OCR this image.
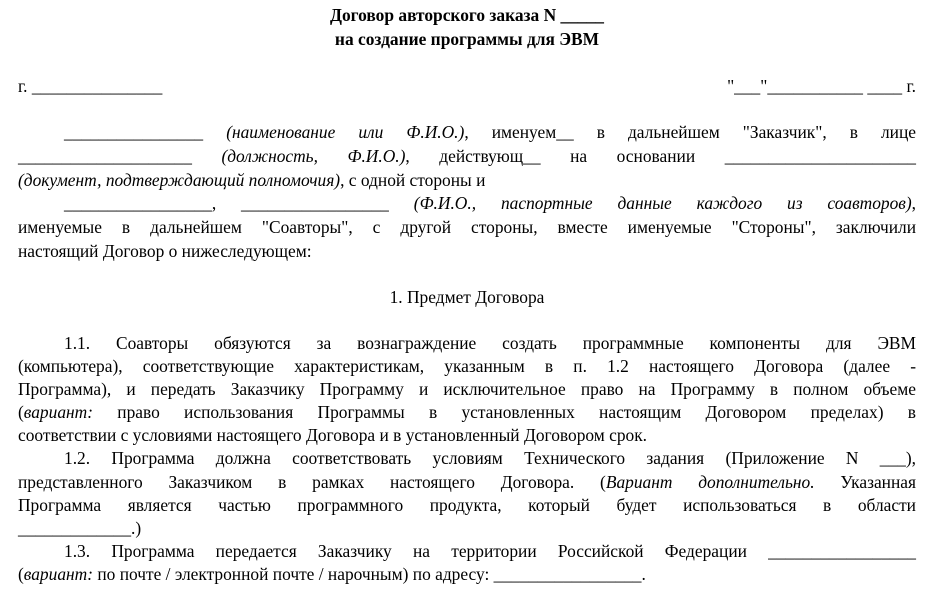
Договор авторского заказа N _____
на создание программы для ЭВМ
г. _______________	"___"___________ ____ г.
________________ (наименование или Ф.И.О.), именуем__ в дальнейшем "Заказчик", в лице
____________________ (должность, Ф.И.О.), действующ__ на основании ______________________
(документ, подтверждающий полномочия), с одной стороны и
_________________, _________________ (Ф.И.О., паспортные данные каждого из соавторов),
именуемые в дальнейшем "Соавторы", с другой стороны, вместе именуемые "Стороны", заключили
настоящий Договор о нижеследующем:
1. Предмет Договора
1.1. Соавторы обязуются за вознаграждение создать программные компоненты для ЭВМ
(компьютера), соответствующие характеристикам, указанным в п. 1.2 настоящего Договора (далее -
Программа), и передать Заказчику Программу и исключительное право на Программу в полном объеме
(вариант: право использования Программы в установленных настоящим Договором пределах) в
соответствии с условиями настоящего Договора и в установленный Договором срок.
1.2. Программа должна соответствовать условиям Технического задания (Приложение N ___),
представленного Заказчиком в рамках настоящего Договора. (Вариант дополнительно. Указанная
Программа является частью программного продукта, который будет использоваться в области
_____________.)
1.3. Программа передается Заказчику на территории Российской Федерации _________________
(вариант: по почте / электронной почте / нарочным) по адресу: _________________.
